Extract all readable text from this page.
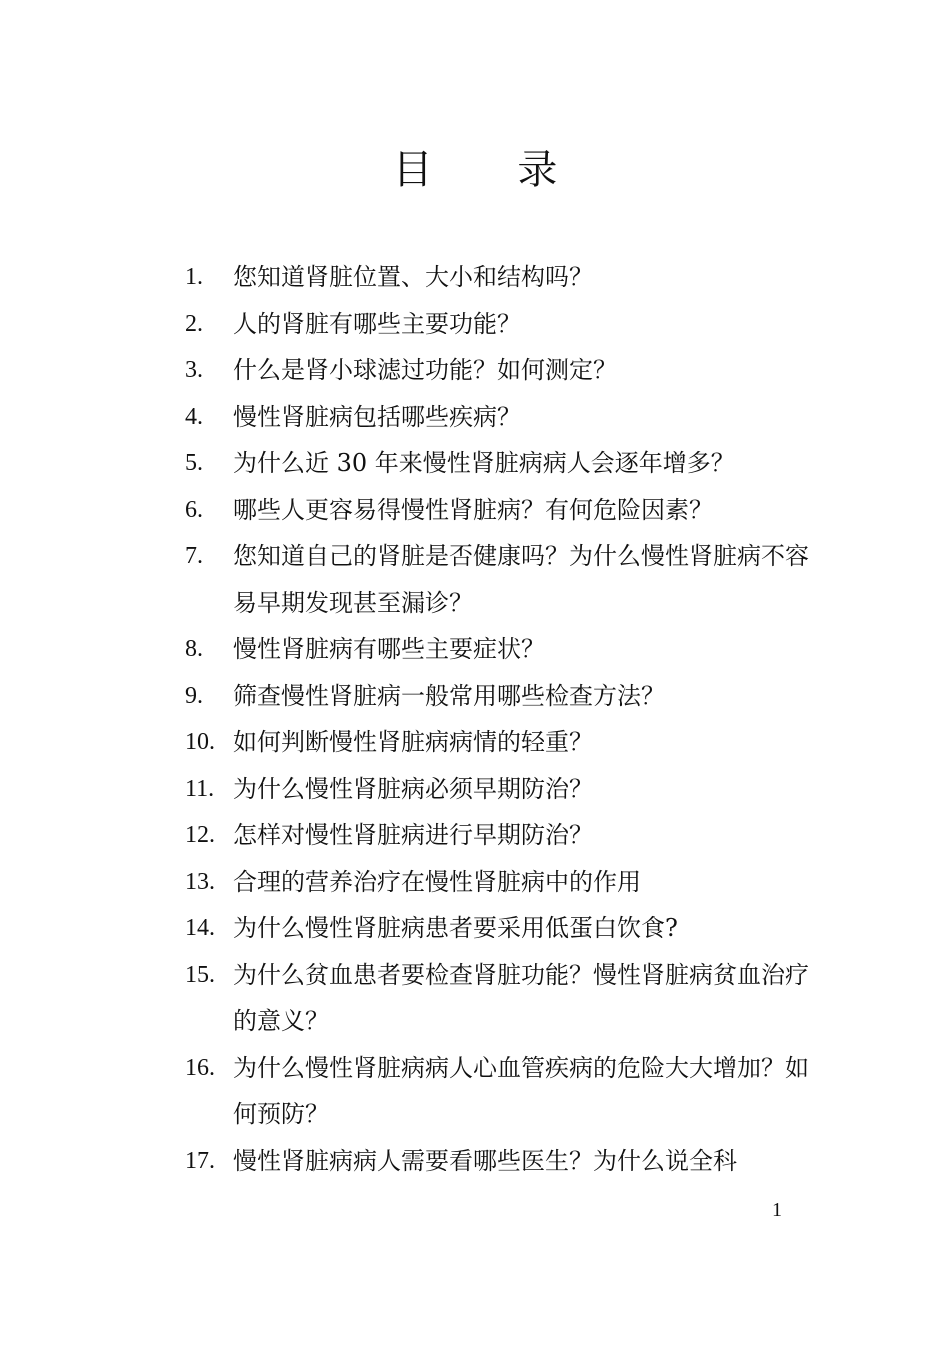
目 录
1.	您知道肾脏位置、大小和结构吗？
2.	人的肾脏有哪些主要功能？
3.	什么是肾小球滤过功能？如何测定？
4.	慢性肾脏病包括哪些疾病？
5.	为什么近 30 年来慢性肾脏病病人会逐年增多？
6.	哪些人更容易得慢性肾脏病？有何危险因素？
7.	您知道自己的肾脏是否健康吗？为什么慢性肾脏病不容易早期发现甚至漏诊？
8.	慢性肾脏病有哪些主要症状？
9.	筛查慢性肾脏病一般常用哪些检查方法？
10. 如何判断慢性肾脏病病情的轻重？
11. 为什么慢性肾脏病必须早期防治？
12. 怎样对慢性肾脏病进行早期防治？
13. 合理的营养治疗在慢性肾脏病中的作用
14. 为什么慢性肾脏病患者要采用低蛋白饮食?
15. 为什么贫血患者要检查肾脏功能？慢性肾脏病贫血治疗的意义？
16. 为什么慢性肾脏病病人心血管疾病的危险大大增加？如何预防？
17. 慢性肾脏病病人需要看哪些医生？为什么说全科
1
